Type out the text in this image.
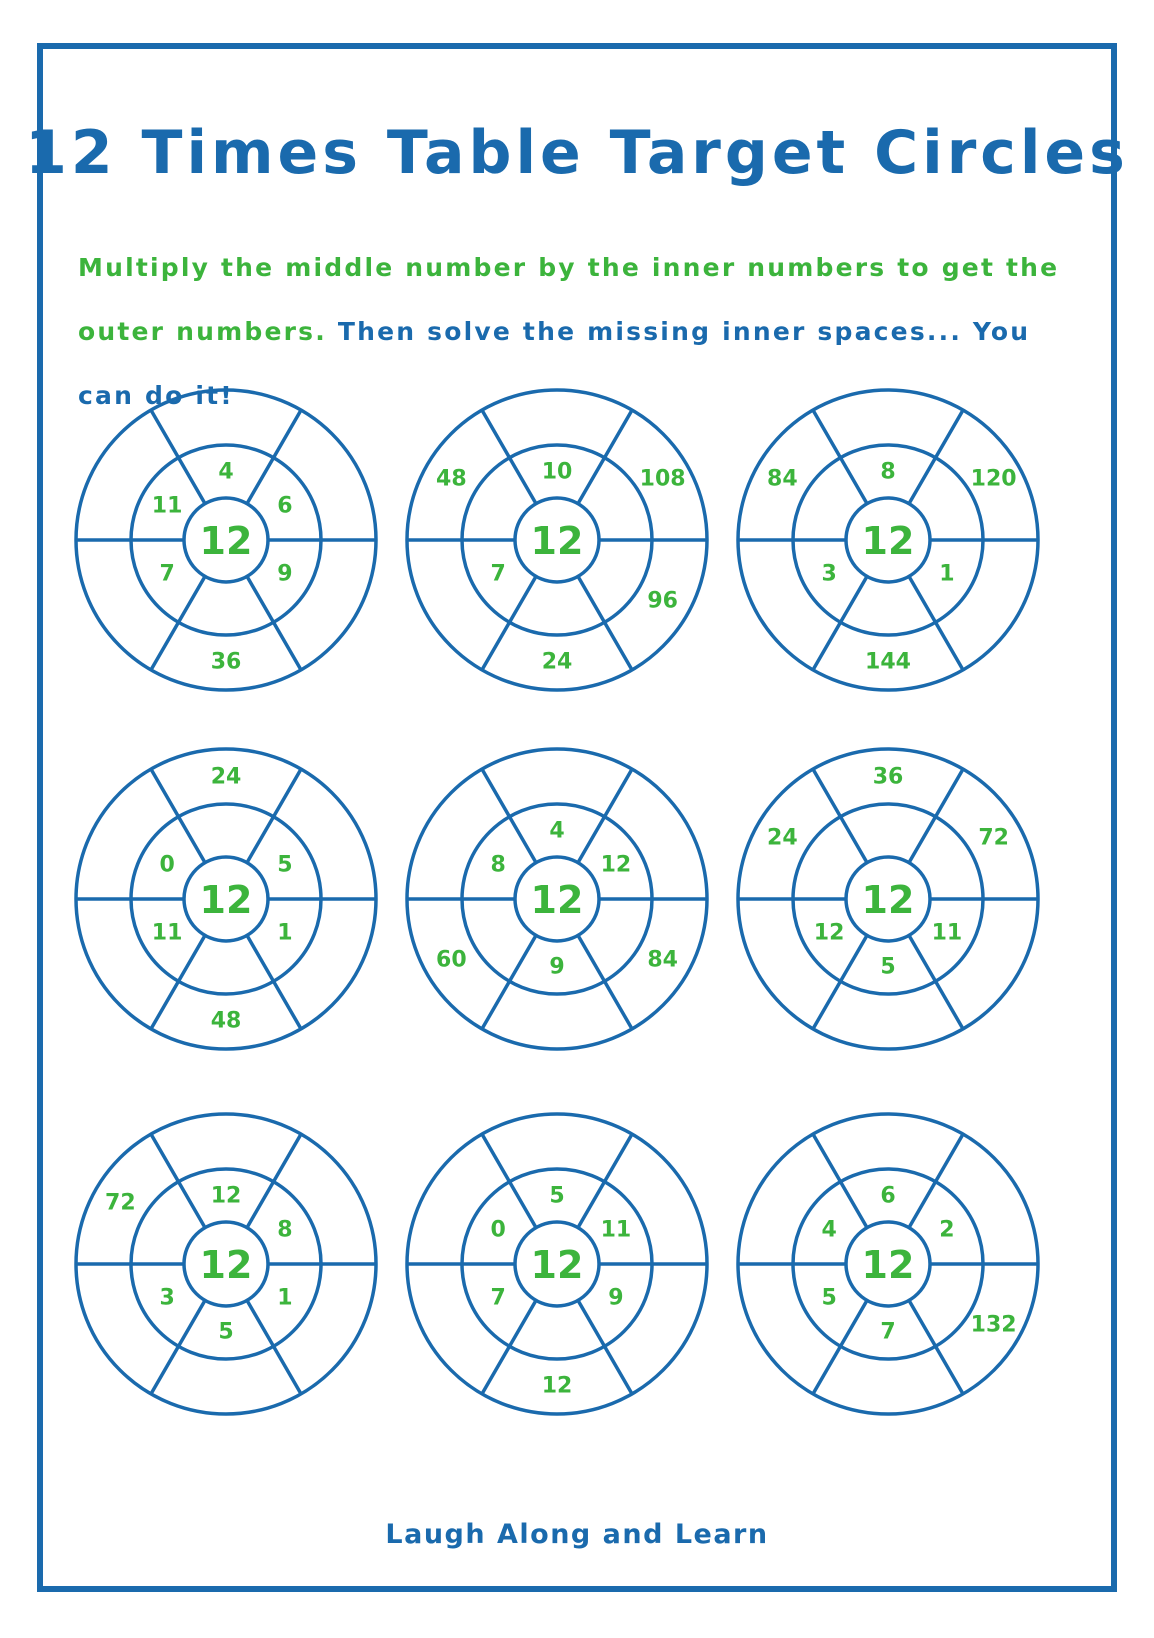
12 Times Table Target Circles

Multiply the middle number by the inner numbers to get the outer numbers. Then solve the missing inner spaces... You can do it!

12
4
6
9
36
7
11
12
10	108
96
24
7
48
12
8	120
1
144
3
84
12
24
5
1
48
11
0
12
4
12
84
9
60
8
12
36
72
11
5
12
24
12
12
8
1
5
3
72
12
5
11
9
12
7
0
12
6
2
132
7
5
4

Laugh Along and Learn
